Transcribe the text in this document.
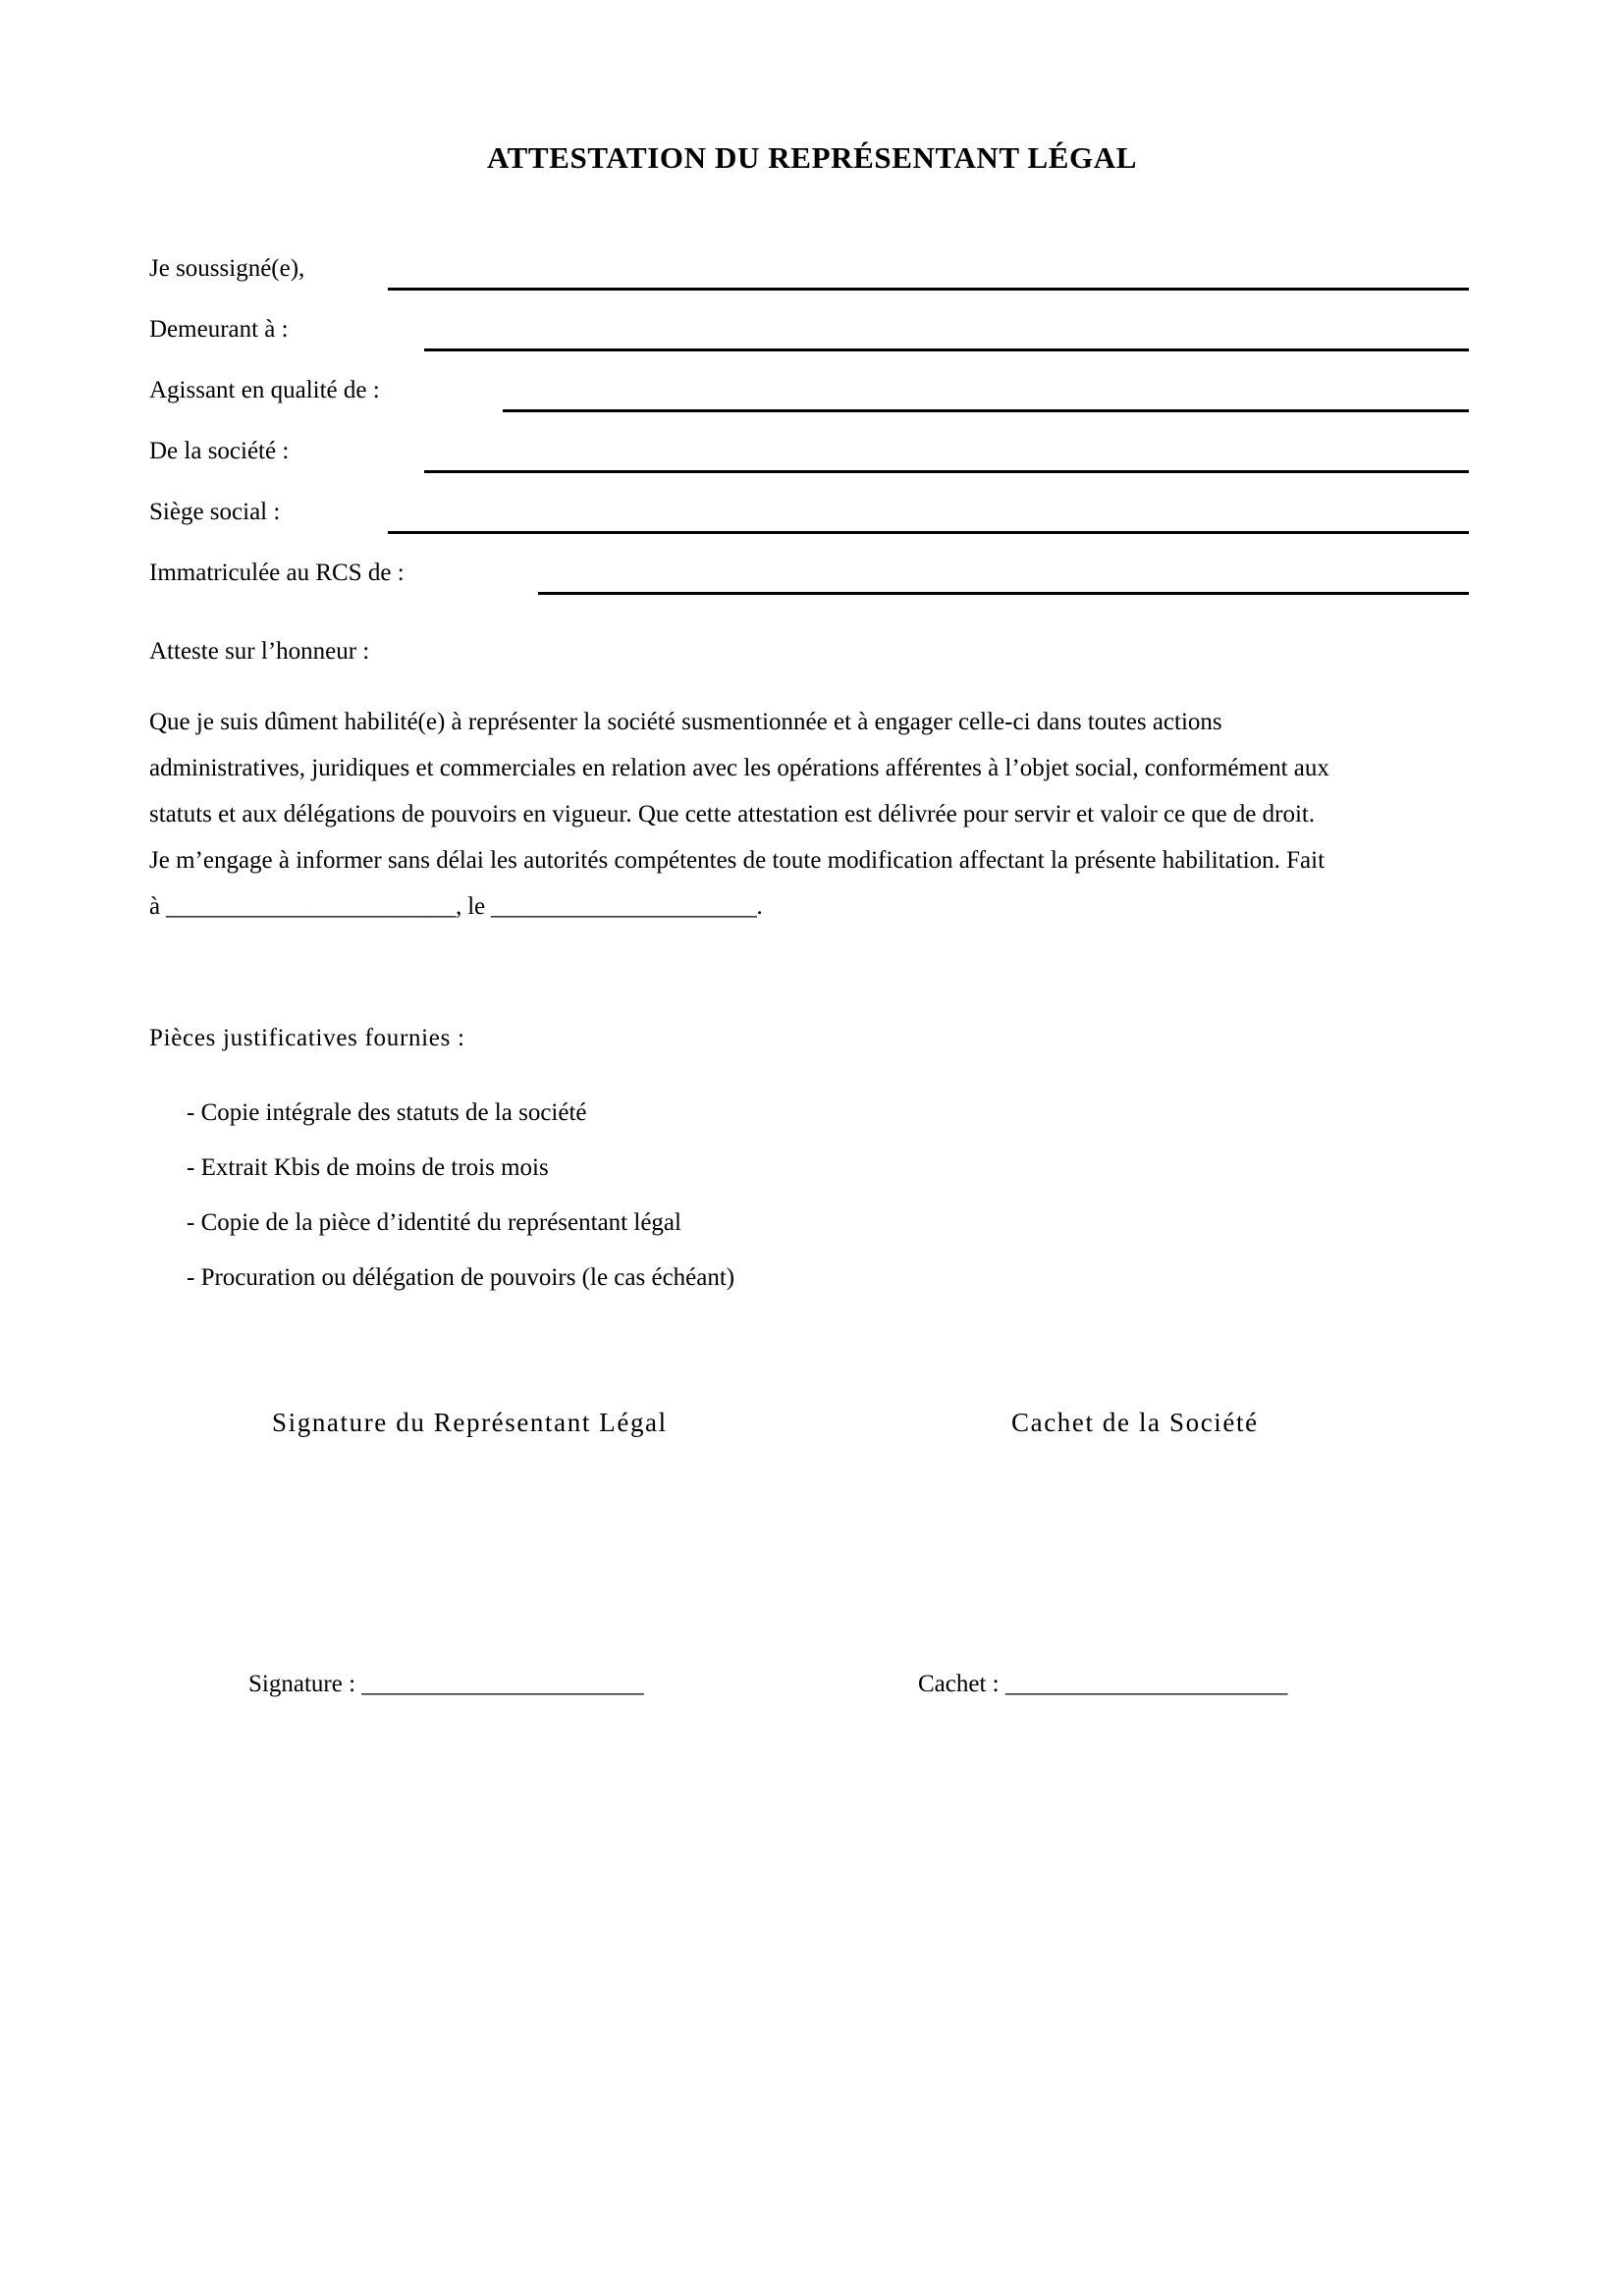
ATTESTATION DU REPRÉSENTANT LÉGAL
Je soussigné(e),
Demeurant à :
Agissant en qualité de :
De la société :
Siège social :
Immatriculée au RCS de :
Atteste sur l’honneur :
Que je suis dûment habilité(e) à représenter la société susmentionnée et à engager celle-ci dans toutes actions
administratives, juridiques et commerciales en relation avec les opérations afférentes à l’objet social, conformément aux
statuts et aux délégations de pouvoirs en vigueur. Que cette attestation est délivrée pour servir et valoir ce que de droit.
Je m’engage à informer sans délai les autorités compétentes de toute modification affectant la présente habilitation. Fait
à ________________________, le ______________________.
Pièces justificatives fournies :
- Copie intégrale des statuts de la société
- Extrait Kbis de moins de trois mois
- Copie de la pièce d’identité du représentant légal
- Procuration ou délégation de pouvoirs (le cas échéant)
Signature du Représentant Légal	Cachet de la Société
Signature : _______________________	Cachet : _______________________
